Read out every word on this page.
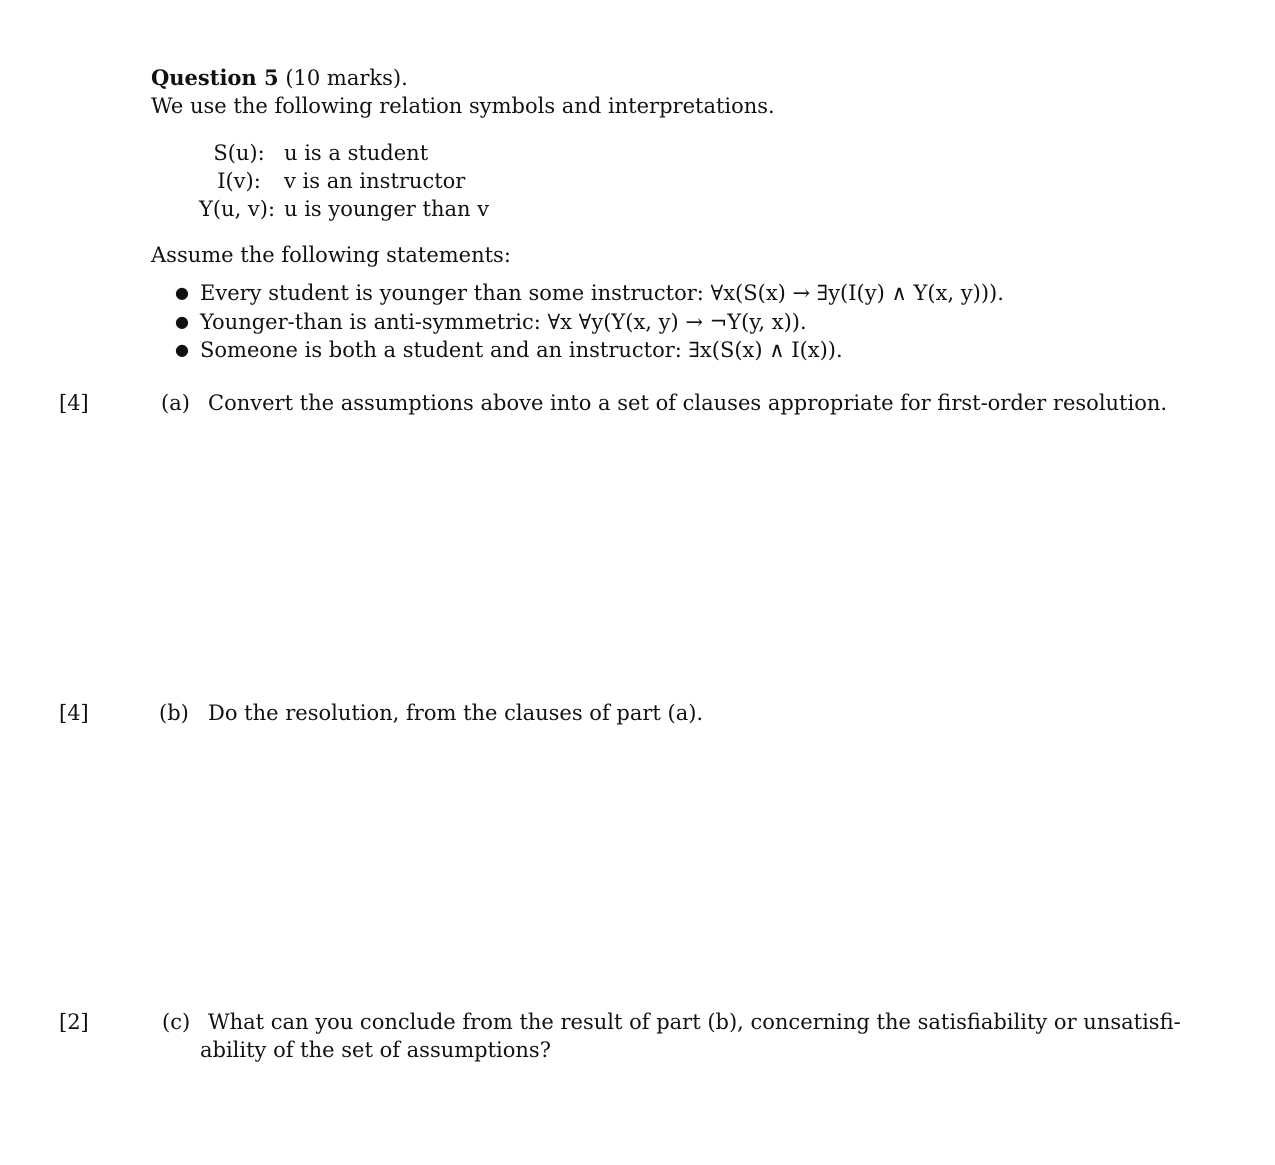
Question 5 (10 marks).
We use the following relation symbols and interpretations.
S(u): u is a student
I(v):	v is an instructor
Y(u, v): u is younger than v
Assume the following statements:
● Every student is younger than some instructor: ∀x(S(x) → ∃y(I(y) ∧ Y(x, y))).
● Younger-than is anti-symmetric: ∀x ∀y(Y(x, y) → ¬Y(y, x)).
● Someone is both a student and an instructor: ∃x(S(x) ∧ I(x)).
[4]	(a) Convert the assumptions above into a set of clauses appropriate for first-order resolution.
[4]	(b) Do the resolution, from the clauses of part (a).
[2]	(c) What can you conclude from the result of part (b), concerning the satisfiability or unsatisfi-
ability of the set of assumptions?
